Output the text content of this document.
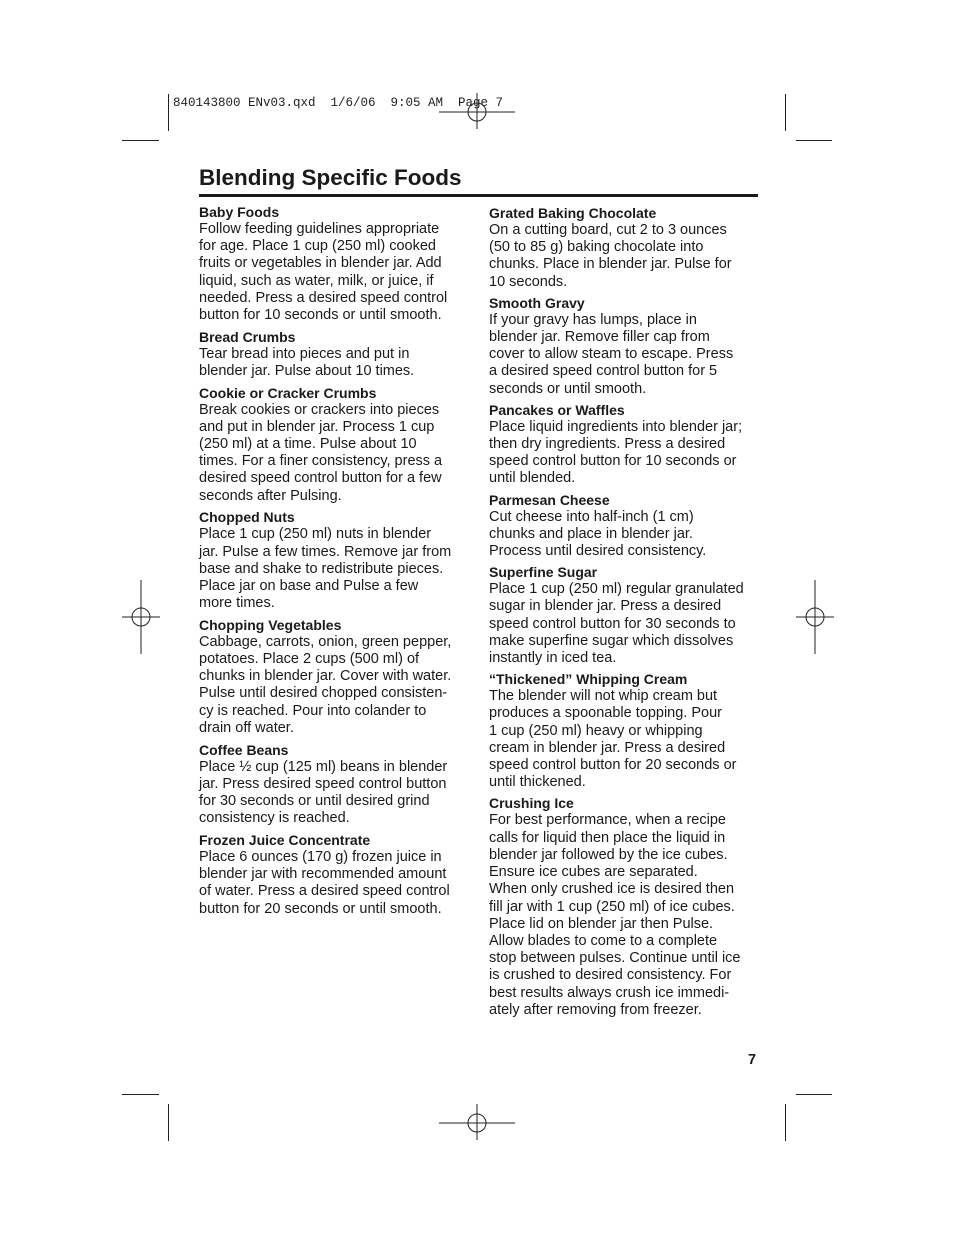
840143800 ENv03.qxd  1/6/06  9:05 AM  Page 7
Blending Specific Foods
Baby Foods
Follow feeding guidelines appropriate
for age. Place 1 cup (250 ml) cooked
fruits or vegetables in blender jar. Add
liquid, such as water, milk, or juice, if
needed. Press a desired speed control
button for 10 seconds or until smooth.
Bread Crumbs
Tear bread into pieces and put in
blender jar. Pulse about 10 times.
Cookie or Cracker Crumbs
Break cookies or crackers into pieces
and put in blender jar. Process 1 cup
(250 ml) at a time. Pulse about 10
times. For a finer consistency, press a
desired speed control button for a few
seconds after Pulsing.
Chopped Nuts
Place 1 cup (250 ml) nuts in blender
jar. Pulse a few times. Remove jar from
base and shake to redistribute pieces.
Place jar on base and Pulse a few
more times.
Chopping Vegetables
Cabbage, carrots, onion, green pepper,
potatoes. Place 2 cups (500 ml) of
chunks in blender jar. Cover with water.
Pulse until desired chopped consisten-
cy is reached. Pour into colander to
drain off water.
Coffee Beans
Place ½ cup (125 ml) beans in blender
jar. Press desired speed control button
for 30 seconds or until desired grind
consistency is reached.
Frozen Juice Concentrate
Place 6 ounces (170 g) frozen juice in
blender jar with recommended amount
of water. Press a desired speed control
button for 20 seconds or until smooth.
Grated Baking Chocolate
On a cutting board, cut 2 to 3 ounces
(50 to 85 g) baking chocolate into
chunks. Place in blender jar. Pulse for
10 seconds.
Smooth Gravy
If your gravy has lumps, place in
blender jar. Remove filler cap from
cover to allow steam to escape. Press
a desired speed control button for 5
seconds or until smooth.
Pancakes or Waffles
Place liquid ingredients into blender jar;
then dry ingredients. Press a desired
speed control button for 10 seconds or
until blended.
Parmesan Cheese
Cut cheese into half-inch (1 cm)
chunks and place in blender jar.
Process until desired consistency.
Superfine Sugar
Place 1 cup (250 ml) regular granulated
sugar in blender jar. Press a desired
speed control button for 30 seconds to
make superfine sugar which dissolves
instantly in iced tea.
“Thickened” Whipping Cream
The blender will not whip cream but
produces a spoonable topping. Pour
1 cup (250 ml) heavy or whipping
cream in blender jar. Press a desired
speed control button for 20 seconds or
until thickened.
Crushing Ice
For best performance, when a recipe
calls for liquid then place the liquid in
blender jar followed by the ice cubes.
Ensure ice cubes are separated.
When only crushed ice is desired then
fill jar with 1 cup (250 ml) of ice cubes.
Place lid on blender jar then Pulse.
Allow blades to come to a complete
stop between pulses. Continue until ice
is crushed to desired consistency. For
best results always crush ice immedi-
ately after removing from freezer.
7
